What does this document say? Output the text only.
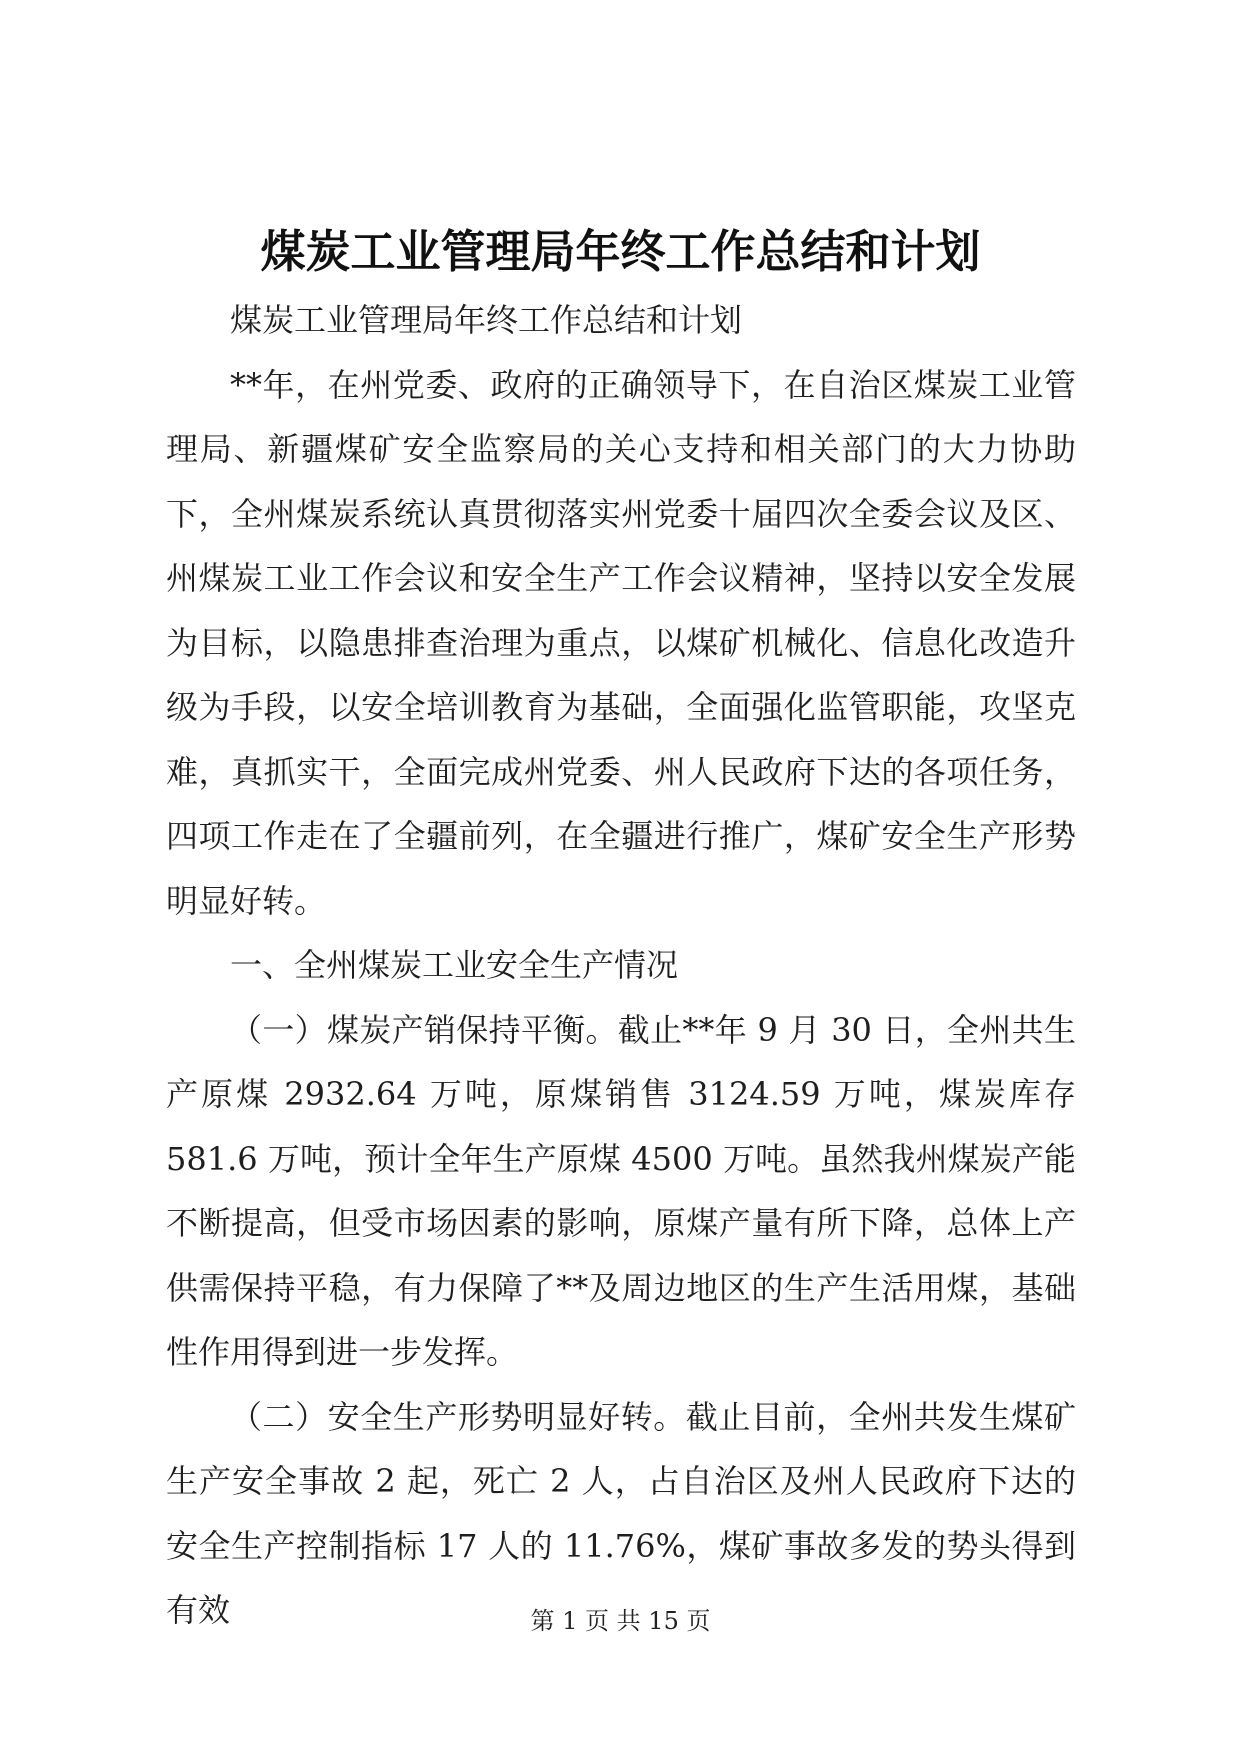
煤炭工业管理局年终工作总结和计划

煤炭工业管理局年终工作总结和计划

**年，在州党委、政府的正确领导下，在自治区煤炭工业管理局、新疆煤矿安全监察局的关心支持和相关部门的大力协助下，全州煤炭系统认真贯彻落实州党委十届四次全委会议及区、州煤炭工业工作会议和安全生产工作会议精神，坚持以安全发展为目标，以隐患排查治理为重点，以煤矿机械化、信息化改造升级为手段，以安全培训教育为基础，全面强化监管职能，攻坚克难，真抓实干，全面完成州党委、州人民政府下达的各项任务，四项工作走在了全疆前列，在全疆进行推广，煤矿安全生产形势明显好转。

一、全州煤炭工业安全生产情况

（一）煤炭产销保持平衡。截止**年 9 月 30 日，全州共生产原煤 2932.64 万吨，原煤销售 3124.59 万吨，煤炭库存 581.6 万吨，预计全年生产原煤 4500 万吨。虽然我州煤炭产能不断提高，但受市场因素的影响，原煤产量有所下降，总体上产供需保持平稳，有力保障了**及周边地区的生产生活用煤，基础性作用得到进一步发挥。

（二）安全生产形势明显好转。截止目前，全州共发生煤矿生产安全事故 2 起，死亡 2 人，占自治区及州人民政府下达的安全生产控制指标 17 人的 11.76%，煤矿事故多发的势头得到有效	第 1 页 共 15 页
